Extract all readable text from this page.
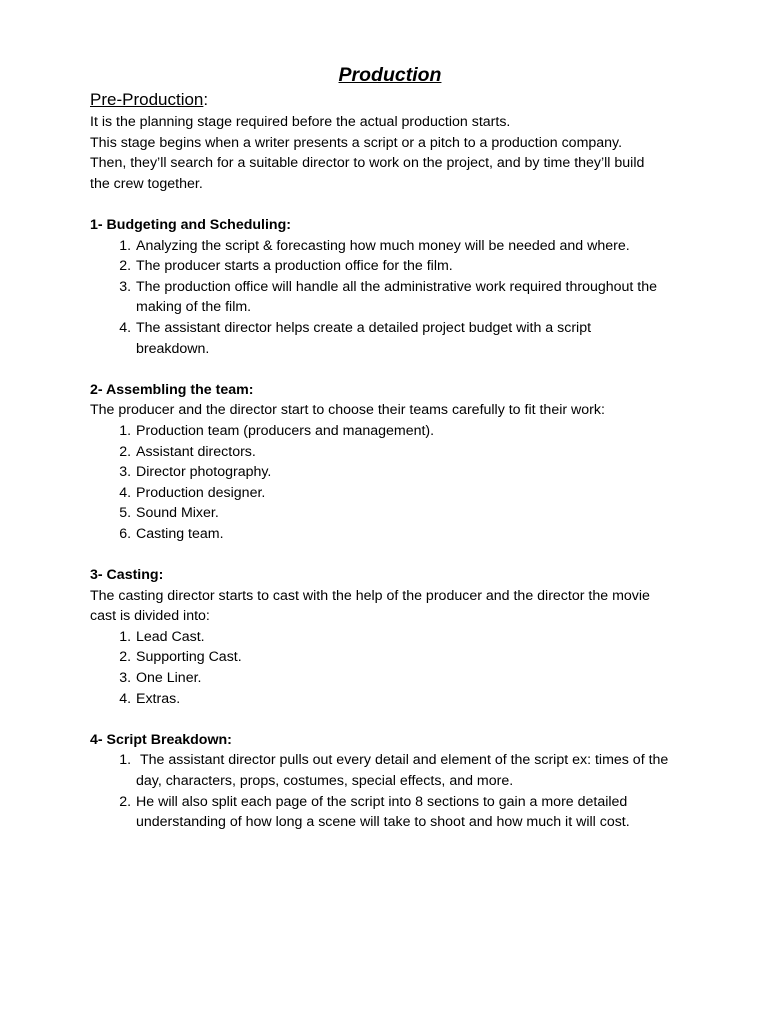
Production
Pre-Production:

It is the planning stage required before the actual production starts.

This stage begins when a writer presents a script or a pitch to a production company.

Then, they’ll search for a suitable director to work on the project, and by time they’ll build the crew together.

1- Budgeting and Scheduling:
1. Analyzing the script & forecasting how much money will be needed and where.
2. The producer starts a production office for the film.
3. The production office will handle all the administrative work required throughout the making of the film.
4. The assistant director helps create a detailed project budget with a script breakdown.
2- Assembling the team:

The producer and the director start to choose their teams carefully to fit their work:

1. Production team (producers and management).
2. Assistant directors.
3. Director photography.
4. Production designer.
5. Sound Mixer.
6. Casting team.
3- Casting:

The casting director starts to cast with the help of the producer and the director the movie cast is divided into:

1. Lead Cast.
2. Supporting Cast.
3. One Liner.
4. Extras.
4- Script Breakdown:
1.  The assistant director pulls out every detail and element of the script ex: times of the day, characters, props, costumes, special effects, and more.
2. He will also split each page of the script into 8 sections to gain a more detailed understanding of how long a scene will take to shoot and how much it will cost.
